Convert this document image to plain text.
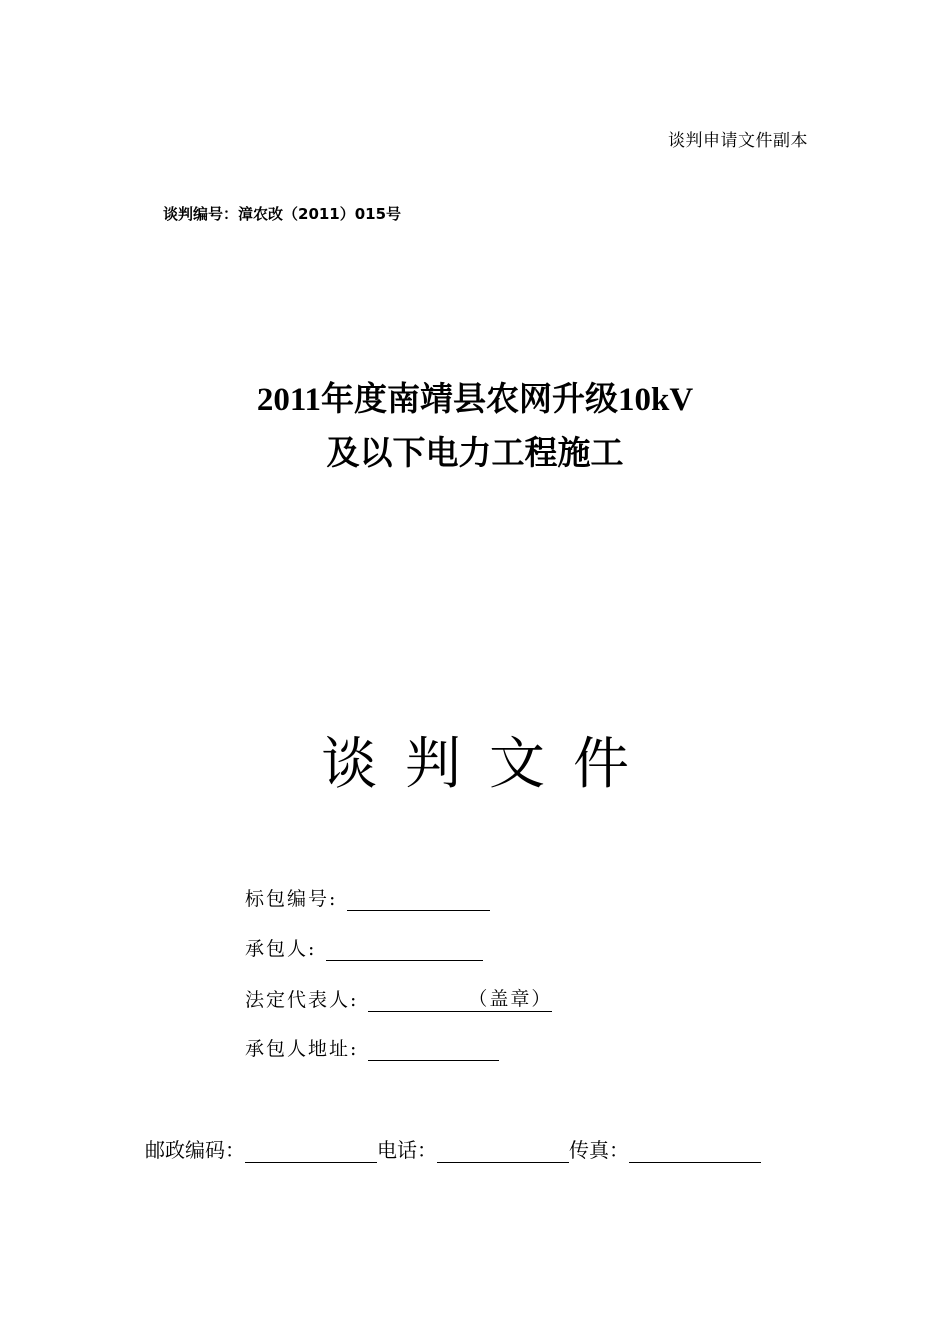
谈判申请文件副本
谈判编号：漳农改（2011）015号
2011年度南靖县农网升级10kV
及以下电力工程施工
谈判文件
标包编号:
承包人:
法定代表人:	（盖章）
承包人地址:
邮政编码：	电话：	传真：
